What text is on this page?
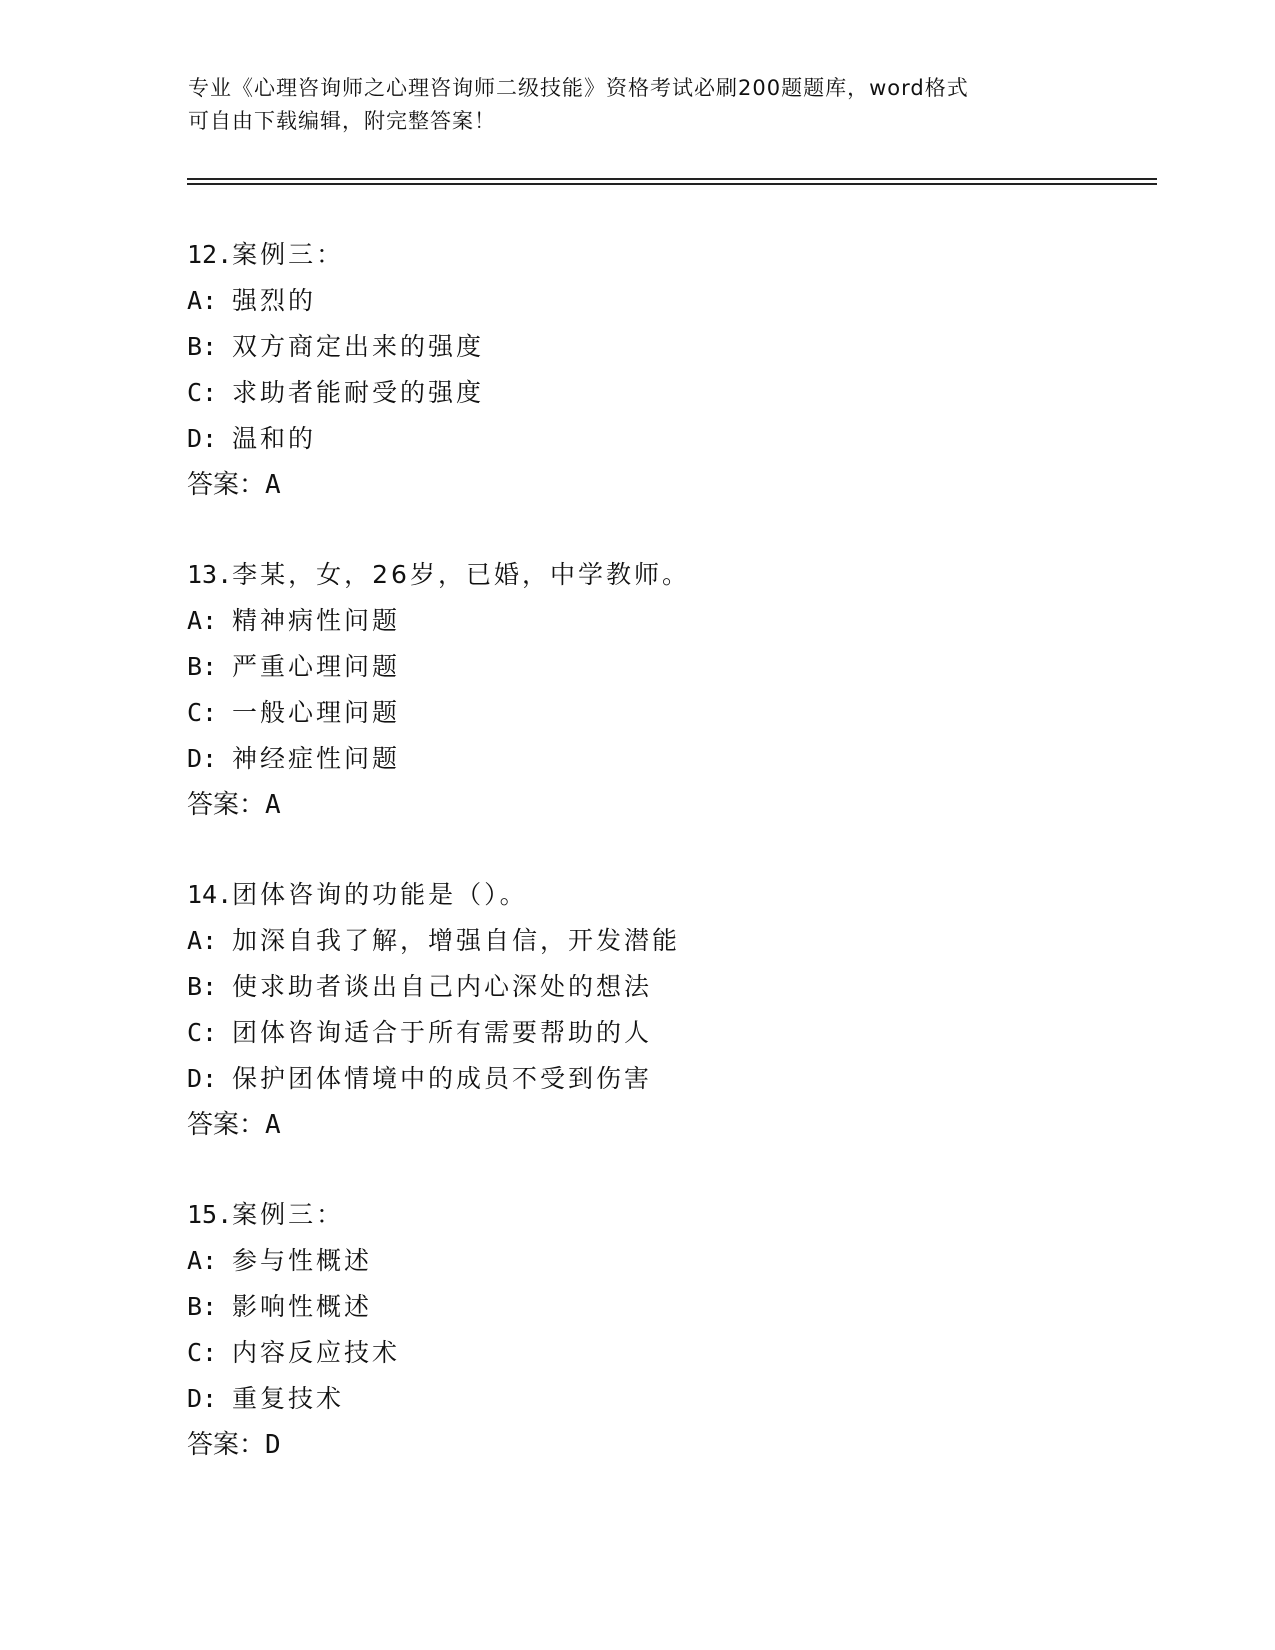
专业《心理咨询师之心理咨询师二级技能》资格考试必刷200题题库，word格式
可自由下载编辑，附完整答案！
12.案例三：
A: 强烈的
B: 双方商定出来的强度
C: 求助者能耐受的强度
D: 温和的
答案：A
13.李某，女，26岁，已婚，中学教师。
A: 精神病性问题
B: 严重心理问题
C: 一般心理问题
D: 神经症性问题
答案：A
14.团体咨询的功能是（）。
A: 加深自我了解，增强自信，开发潜能
B: 使求助者谈出自己内心深处的想法
C: 团体咨询适合于所有需要帮助的人
D: 保护团体情境中的成员不受到伤害
答案：A
15.案例三：
A: 参与性概述
B: 影响性概述
C: 内容反应技术
D: 重复技术
答案：D
